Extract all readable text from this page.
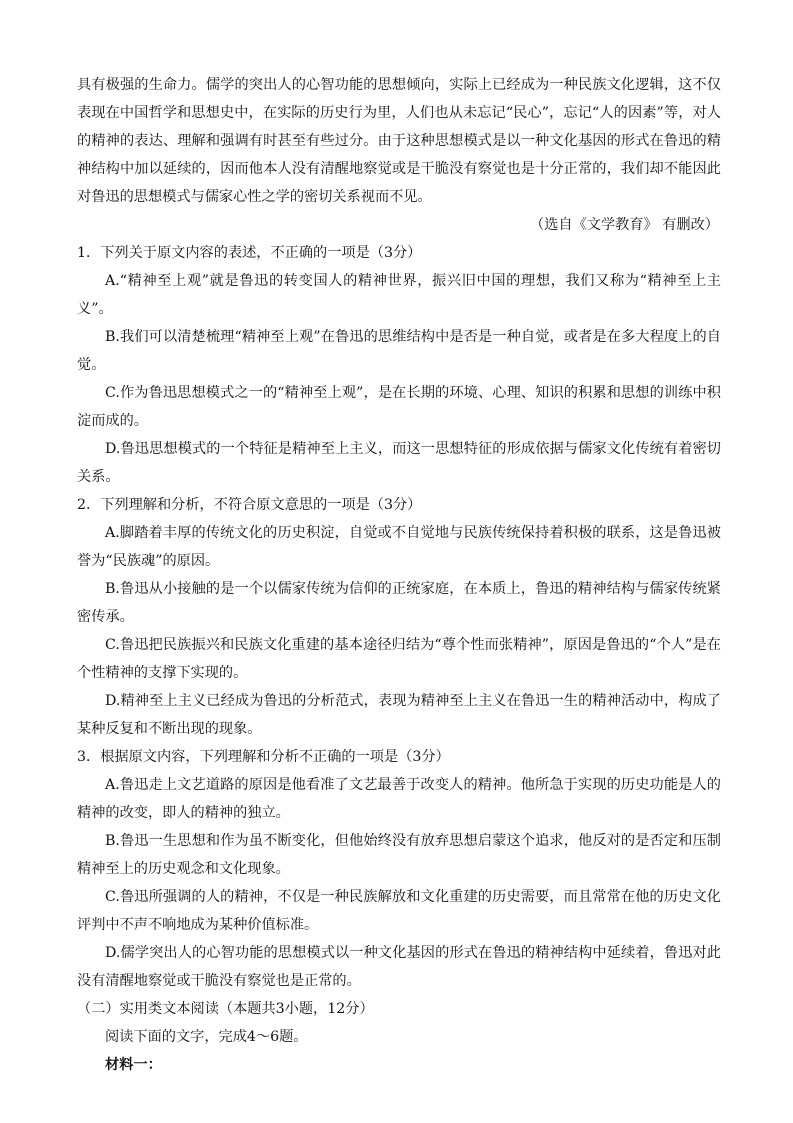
具有极强的生命力。儒学的突出人的心智功能的思想倾向，实际上已经成为一种民族文化逻辑，这不仅表现在中国哲学和思想史中，在实际的历史行为里，人们也从未忘记“民心”，忘记“人的因素”等，对人的精神的表达、理解和强调有时甚至有些过分。由于这种思想模式是以一种文化基因的形式在鲁迅的精神结构中加以延续的，因而他本人没有清醒地察觉或是干脆没有察觉也是十分正常的，我们却不能因此对鲁迅的思想模式与儒家心性之学的密切关系视而不见。

（选自《文学教育》 有删改）

1．下列关于原文内容的表述，不正确的一项是（3分）

A.“精神至上观”就是鲁迅的转变国人的精神世界，振兴旧中国的理想，我们又称为“精神至上主义”。

B.我们可以清楚梳理“精神至上观”在鲁迅的思维结构中是否是一种自觉，或者是在多大程度上的自觉。

C.作为鲁迅思想模式之一的“精神至上观”，是在长期的环境、心理、知识的积累和思想的训练中积淀而成的。

D.鲁迅思想模式的一个特征是精神至上主义，而这一思想特征的形成依据与儒家文化传统有着密切关系。

2．下列理解和分析，不符合原文意思的一项是（3分）

A.脚踏着丰厚的传统文化的历史积淀，自觉或不自觉地与民族传统保持着积极的联系，这是鲁迅被誉为“民族魂”的原因。

B.鲁迅从小接触的是一个以儒家传统为信仰的正统家庭，在本质上，鲁迅的精神结构与儒家传统紧密传承。

C.鲁迅把民族振兴和民族文化重建的基本途径归结为“尊个性而张精神”，原因是鲁迅的“个人”是在个性精神的支撑下实现的。

D.精神至上主义已经成为鲁迅的分析范式，表现为精神至上主义在鲁迅一生的精神活动中，构成了某种反复和不断出现的现象。

3．根据原文内容，下列理解和分析不正确的一项是（3分）

A.鲁迅走上文艺道路的原因是他看准了文艺最善于改变人的精神。他所急于实现的历史功能是人的精神的改变，即人的精神的独立。

B.鲁迅一生思想和作为虽不断变化，但他始终没有放弃思想启蒙这个追求，他反对的是否定和压制精神至上的历史观念和文化现象。

C.鲁迅所强调的人的精神，不仅是一种民族解放和文化重建的历史需要，而且常常在他的历史文化评判中不声不响地成为某种价值标准。

D.儒学突出人的心智功能的思想模式以一种文化基因的形式在鲁迅的精神结构中延续着，鲁迅对此没有清醒地察觉或干脆没有察觉也是正常的。

（二）实用类文本阅读（本题共3小题，12分）

阅读下面的文字，完成4～6题。

材料一：
